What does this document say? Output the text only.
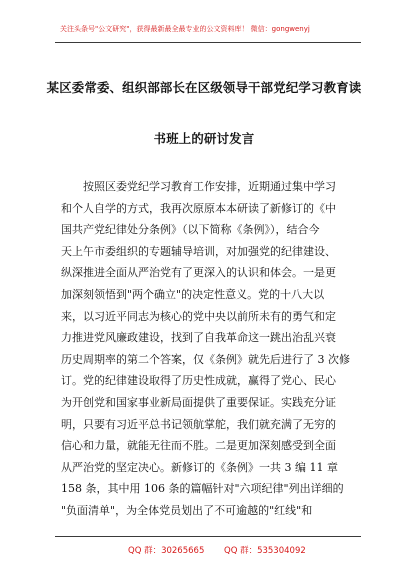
关注头条号"公文研究"，获得最新最全最专业的公文资料库！ 微信：gongwenyj
某区委常委、组织部部长在区级领导干部党纪学习教育读
书班上的研讨发言
　　按照区委党纪学习教育工作安排，近期通过集中学习
和个人自学的方式，我再次原原本本研读了新修订的《中
国共产党纪律处分条例》（以下简称《条例》），结合今
天上午市委组织的专题辅导培训，对加强党的纪律建设、
纵深推进全面从严治党有了更深入的认识和体会。一是更
加深刻领悟到"两个确立"的决定性意义。党的十八大以
来，以习近平同志为核心的党中央以前所未有的勇气和定
力推进党风廉政建设，找到了自我革命这一跳出治乱兴衰
历史周期率的第二个答案，仅《条例》就先后进行了 3 次修
订。党的纪律建设取得了历史性成就，赢得了党心、民心
为开创党和国家事业新局面提供了重要保证。实践充分证
明，只要有习近平总书记领航掌舵，我们就充满了无穷的
信心和力量，就能无往而不胜。二是更加深刻感受到全面
从严治党的坚定决心。新修订的《条例》一共 3 编 11 章
158 条，其中用 106 条的篇幅针对"六项纪律"列出详细的
"负面清单"，为全体党员划出了不可逾越的"红线"和
QQ 群：30265665 QQ 群：535304092
